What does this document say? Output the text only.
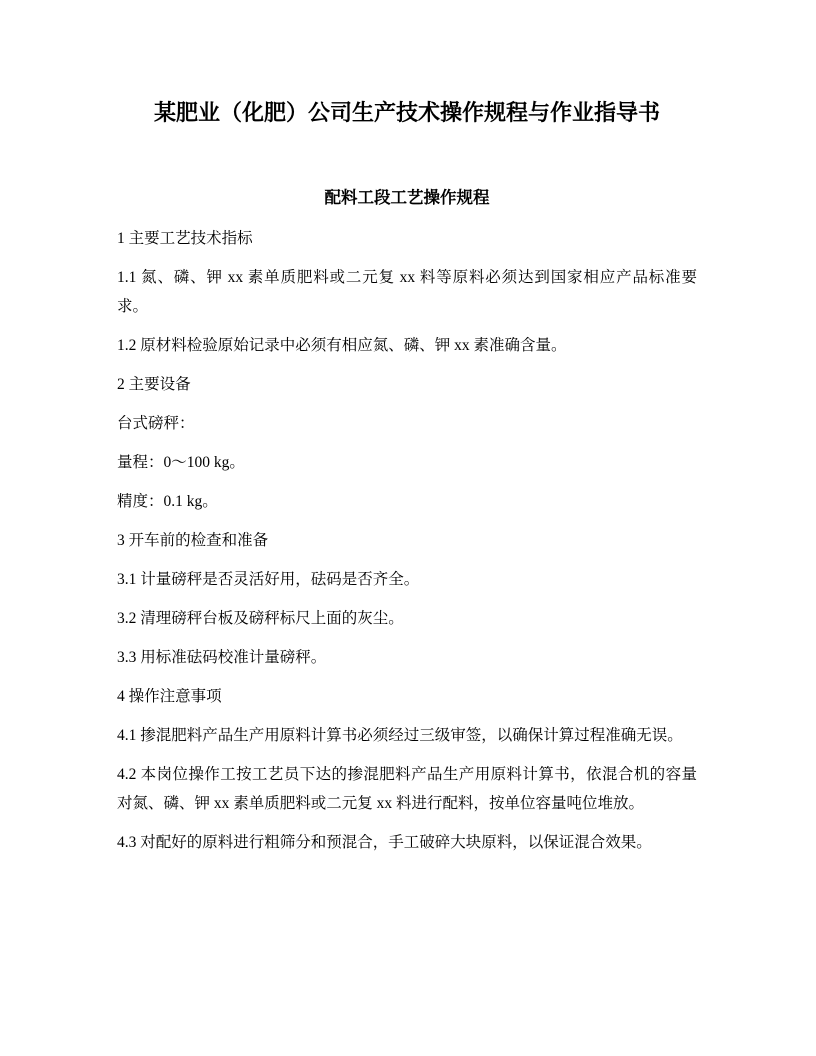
某肥业（化肥）公司生产技术操作规程与作业指导书
配料工段工艺操作规程

1 主要工艺技术指标

1.1 氮、磷、钾 xx 素单质肥料或二元复 xx 料等原料必须达到国家相应产品标准要求。

1.2 原材料检验原始记录中必须有相应氮、磷、钾 xx 素准确含量。

2 主要设备

台式磅秤：

量程：0～100 kg。

精度：0.1 kg。

3 开车前的检查和准备

3.1 计量磅秤是否灵活好用，砝码是否齐全。

3.2 清理磅秤台板及磅秤标尺上面的灰尘。

3.3 用标准砝码校准计量磅秤。

4 操作注意事项

4.1 掺混肥料产品生产用原料计算书必须经过三级审签，以确保计算过程准确无误。

4.2 本岗位操作工按工艺员下达的掺混肥料产品生产用原料计算书，依混合机的容量对氮、磷、钾 xx 素单质肥料或二元复 xx 料进行配料，按单位容量吨位堆放。

4.3 对配好的原料进行粗筛分和预混合，手工破碎大块原料，以保证混合效果。
